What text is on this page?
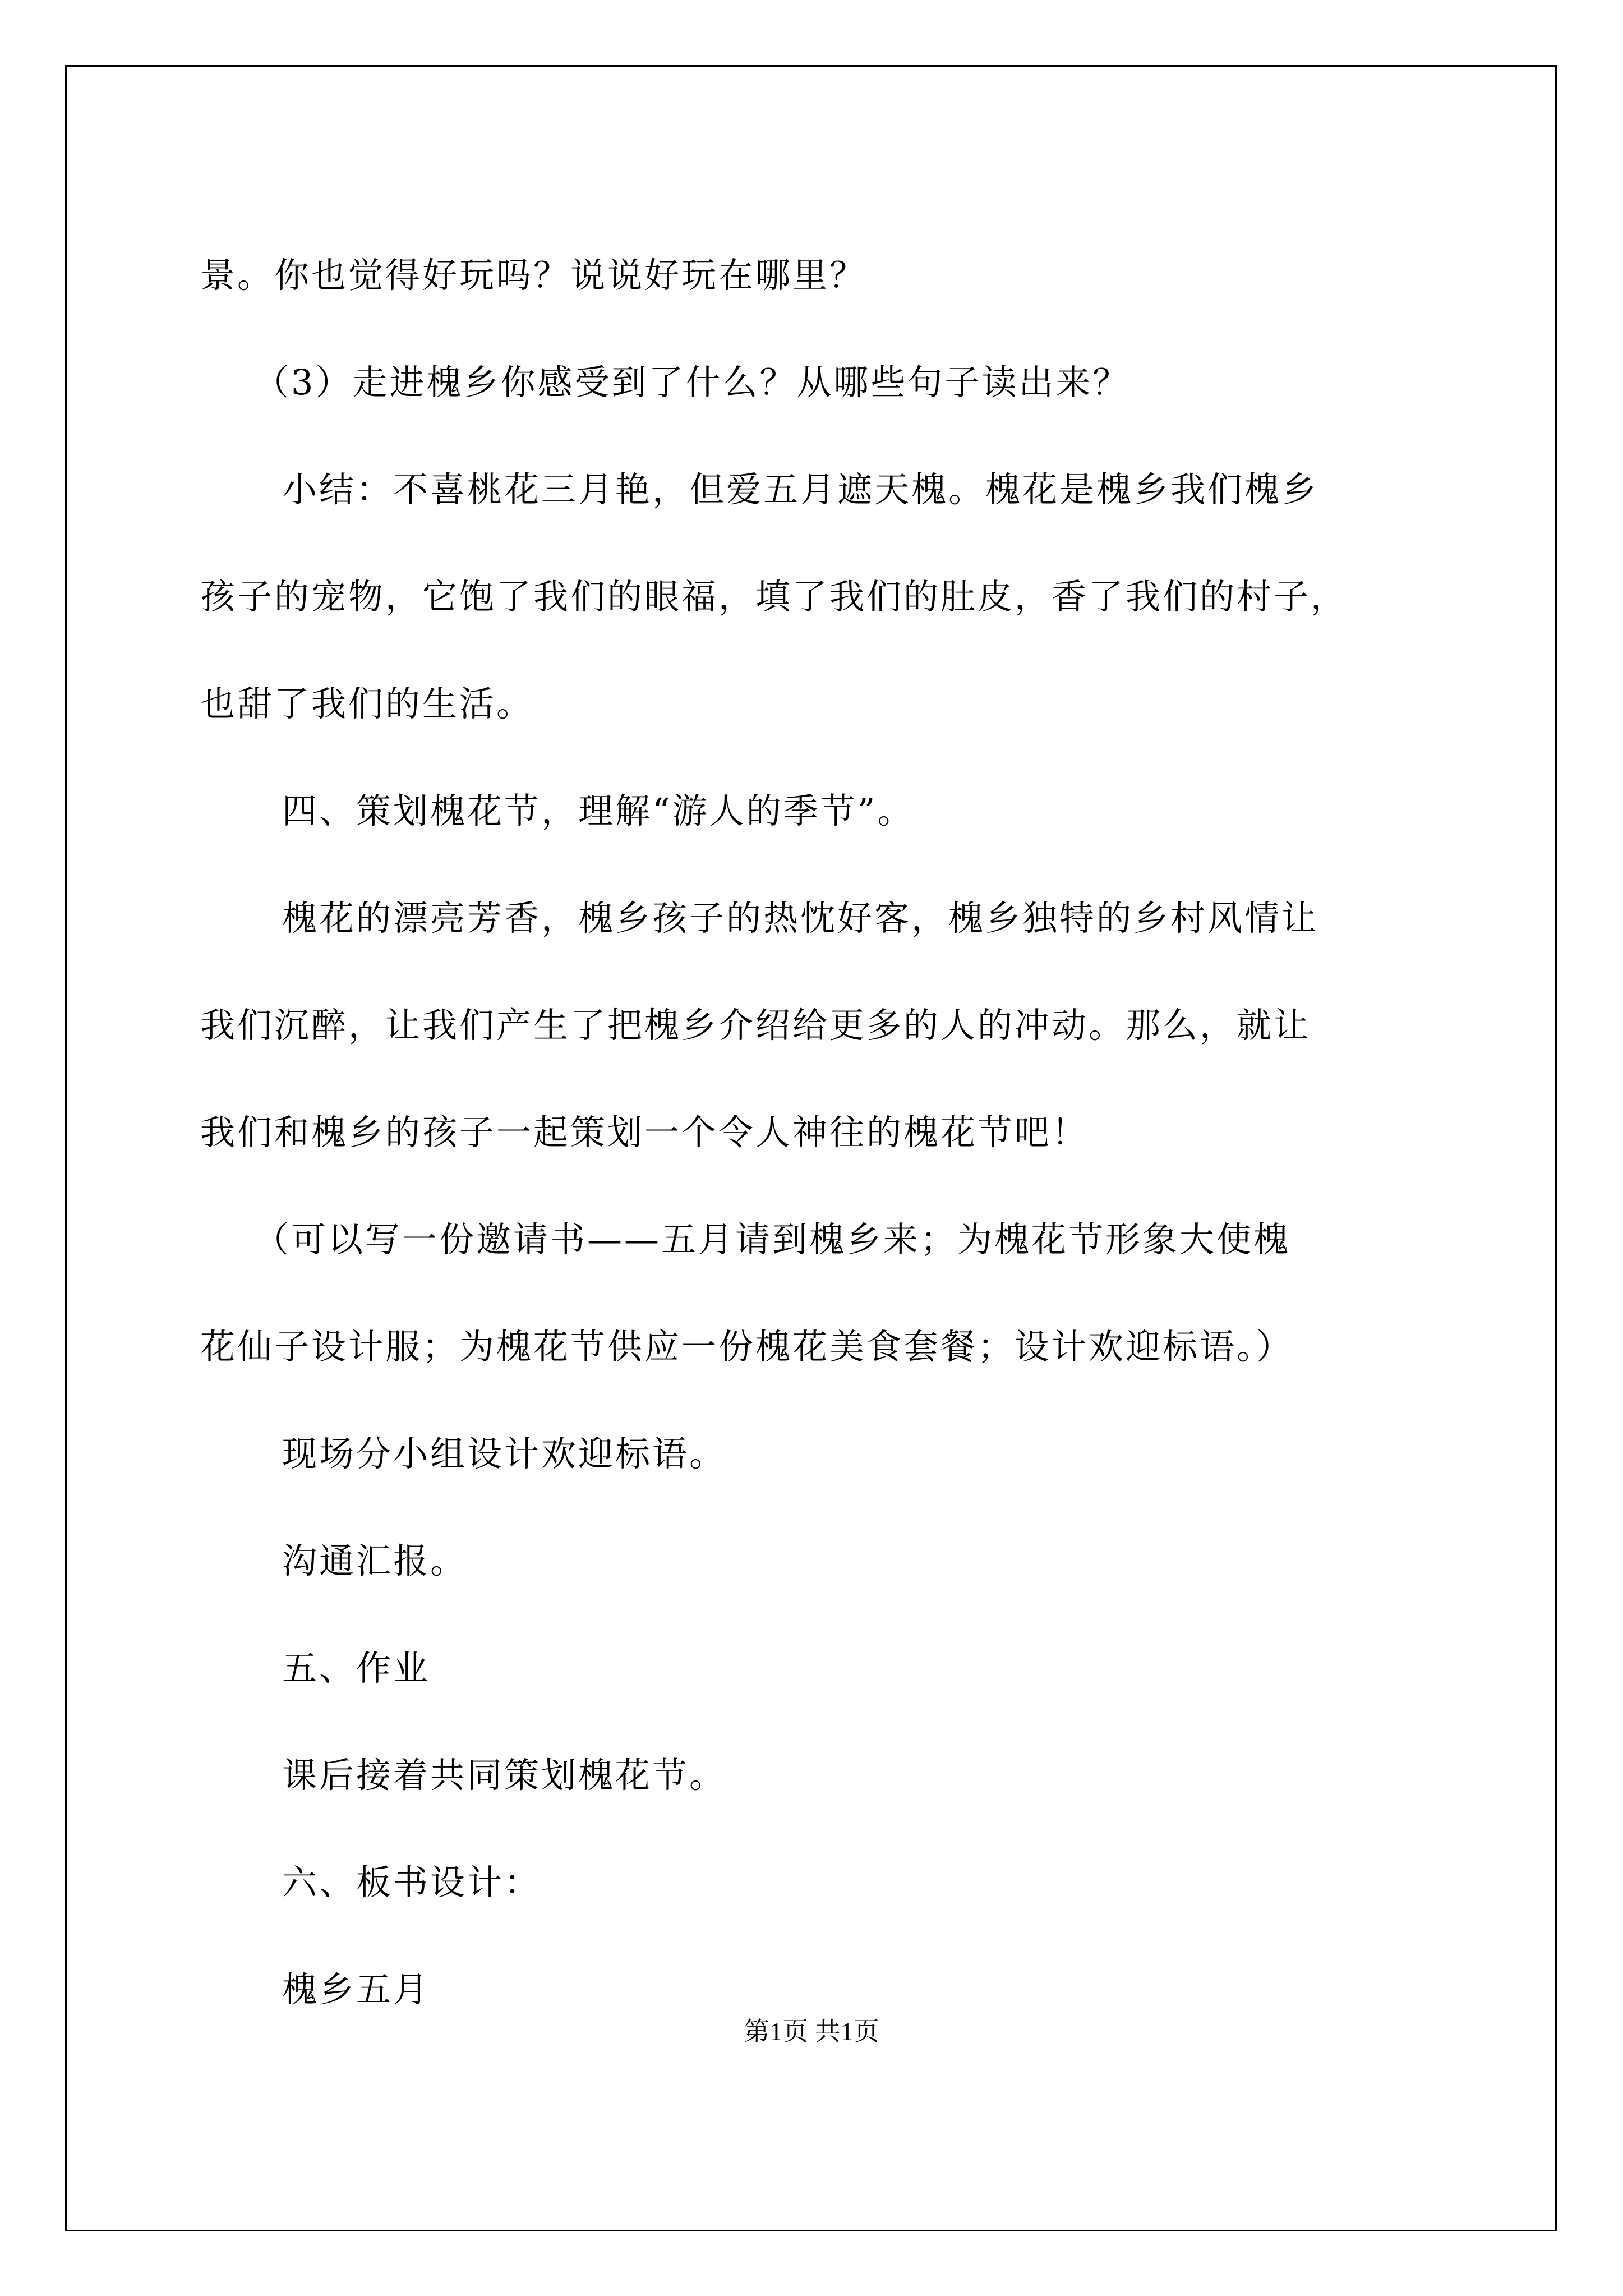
景。你也觉得好玩吗？说说好玩在哪里？

（3）走进槐乡你感受到了什么？从哪些句子读出来？

小结：不喜桃花三月艳，但爱五月遮天槐。槐花是槐乡我们槐乡

孩子的宠物，它饱了我们的眼福，填了我们的肚皮，香了我们的村子，

也甜了我们的生活。

四、策划槐花节，理解“游人的季节”。

槐花的漂亮芳香，槐乡孩子的热忱好客，槐乡独特的乡村风情让

我们沉醉，让我们产生了把槐乡介绍给更多的人的冲动。那么，就让

我们和槐乡的孩子一起策划一个令人神往的槐花节吧！

（可以写一份邀请书——五月请到槐乡来；为槐花节形象大使槐

花仙子设计服；为槐花节供应一份槐花美食套餐；设计欢迎标语。）

现场分小组设计欢迎标语。

沟通汇报。

五、作业

课后接着共同策划槐花节。

六、板书设计：

槐乡五月

第1页 共1页
